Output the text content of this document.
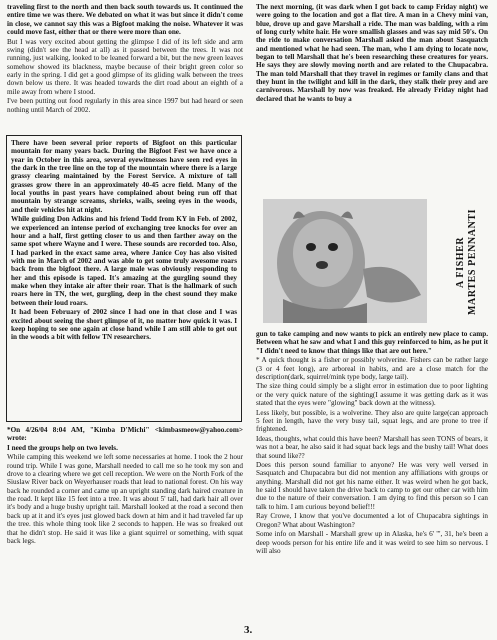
traveling first to the north and then back south towards us. It continued the entire time we was there. We debated on what it was but since it didn't come in close, we cannot say this was a Bigfoot making the noise. Whatever it was could move fast, either that or there were more than one.

But I was very excited about getting the glimpse I did of its left side and arm swing (didn't see the head at all) as it passed between the trees. It was not running, just walking, looked to be leaned forward a bit, but the new green leaves somehow showed its blackness, maybe because of their bright green color so early in the spring. I did get a good glimpse of its gliding walk between the trees down below us there. It was headed towards the dirt road about an eighth of a mile away from where I stood.

I've been putting out food regularly in this area since 1997 but had heard or seen nothing until March of 2002.

There have been several prior reports of Bigfoot on this particular mountain for many years back. During the Bigfoot Fest we have once a year in October in this area, several eyewitnesses have seen red eyes in the dark in the tree line on the top of the mountain where there is a large grassy clearing maintained by the Forest Service. A mixture of tall grasses grow there in an approximately 40-45 acre field. Many of the local youths in past years have complained about being run off that mountain by strange screams, shrieks, wails, seeing eyes in the woods, and their vehicles hit at night.

While guiding Don Adkins and his friend Todd from KY in Feb. of 2002, we experienced an intense period of exchanging tree knocks for over an hour and a half, first getting closer to us and then farther away on the same spot where Wayne and I were. These sounds are recorded too. Also, I had parked in the exact same area, where Janice Coy has also visited with me in March of 2002 and was able to get some truly awesome roars back from the bigfoot there. A large male was obviously responding to her and this episode is taped. It's amazing at the gurgling sound they make when they intake air after their roar. That is the hallmark of such roars here in TN, the wet, gurgling, deep in the chest sound they make between their loud roars.

It had been February of 2002 since I had one in that close and I was excited about seeing the short glimpse of it, no matter how quick it was. I keep hoping to see one again at close hand while I am still able to get out in the woods a bit with fellow TN researchers.

*On 4/26/04 8:04 AM, "Kimba D'Michi" <kimbasmeow@yahoo.com> wrote:

I need the groups help on two levels.

While camping this weekend we left some necessaries at home. I took the 2 hour round trip. While I was gone, Marshall needed to call me so he took my son and drove to a clearing where we get cell reception. We were on the North Fork of the Siuslaw River back on Weyerhauser roads that lead to national forest. On his way back he rounded a corner and came up an upright standing dark haired creature in the road. It kept like 15 feet into a tree. It was about 5' tall, had dark hair all over it's body and a huge bushy upright tail. Marshall looked at the road a second then back up at it and it's eyes just glowed back down at him and it had traveled far up the tree. this whole thing took like 2 seconds to happen. He was so freaked out that he didn't stop. He said it was like a giant squirrel or something, with squat back legs.

The next morning, (it was dark when I got back to camp Friday night) we were going to the location and got a flat tire. A man in a Chevy mini van, blue, drove up and gave Marshall a ride. The man was balding, with a rim of long curly white hair. He wore smallish glasses and was say mid 50's. On the ride to make conversation Marshall asked the man about Sasquatch and mentioned what he had seen. The man, who I am dying to locate now, began to tell Marshall that he's been researching these creatures for years. He says they are slowly moving north and are related to the Chupacabra. The man told Marshall that they travel in regimes or family clans and that they hunt in the twilight and kill in the dark, they stalk their prey and are carnivorous. Marshall by now was freaked. He already Friday night had declared that he wants to buy a

A FISHER
MARTES PENNANTI

gun to take camping and now wants to pick an entirely new place to camp. Between what he saw and what I and this guy reinforced to him, as he put it "I didn't need to know that things like that are out here."

* A quick thought is a fisher or possibly wolverine. Fishers can be rather large (3 or 4 feet long), are arboreal in habits, and are a close match for the description(dark, squirrel/mink type body, large tail).

The size thing could simply be a slight error in estimation due to poor lighting or the very quick nature of the sighting(I assume it was getting dark as it was stated that the eyes were "glowing" back down at the witness).

Less likely, but possible, is a wolverine. They also are quite large(can approach 5 feet in length, have the very busy tail, squat legs, and are prone to tree if frightened.

Ideas, thoughts, what could this have been? Marshall has seen TONS of bears, it was not a bear, he also said it had squat back legs and the bushy tail! What does that sound like??

Does this person sound familiar to anyone? He was very well versed in Sasquatch and Chupacabra but did not mention any affiliations with groups or anything. Marshall did not get his name either. It was weird when he got back, he said I should have taken the drive back to camp to get our other car with him due to the nature of their conversation. I am dying to find this person so I can talk to him. I am curious beyond belief!!!

Ray Crowe, I know that you've documented a lot of Chupacabra sightings in Oregon? What about Washington?

Some info on Marshall - Marshall grew up in Alaska, he's 6' "', 31, he's been a deep woods person for his entire life and it was weird to see him so nervous. I will also

3.
